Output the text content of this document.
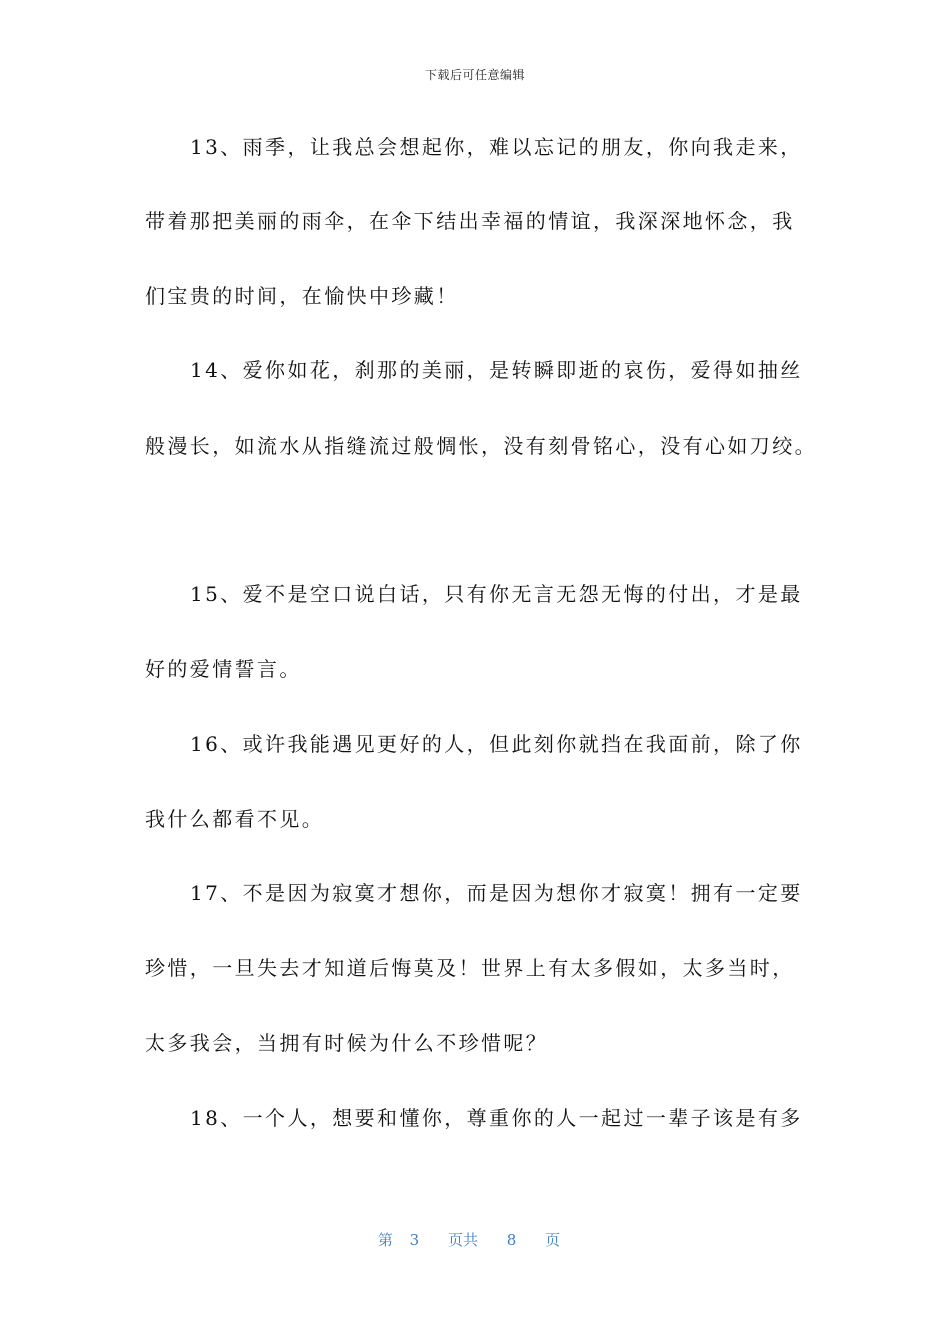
下载后可任意编辑
13、雨季，让我总会想起你，难以忘记的朋友，你向我走来，
带着那把美丽的雨伞，在伞下结出幸福的情谊，我深深地怀念，我
们宝贵的时间，在愉快中珍藏！
14、爱你如花，刹那的美丽，是转瞬即逝的哀伤，爱得如抽丝
般漫长，如流水从指缝流过般惆怅，没有刻骨铭心，没有心如刀绞。
15、爱不是空口说白话，只有你无言无怨无悔的付出，才是最
好的爱情誓言。
16、或许我能遇见更好的人，但此刻你就挡在我面前，除了你
我什么都看不见。
17、不是因为寂寞才想你，而是因为想你才寂寞！拥有一定要
珍惜，一旦失去才知道后悔莫及！世界上有太多假如，太多当时，
太多我会，当拥有时候为什么不珍惜呢？
18、一个人，想要和懂你，尊重你的人一起过一辈子该是有多
第 3 页共 8 页
